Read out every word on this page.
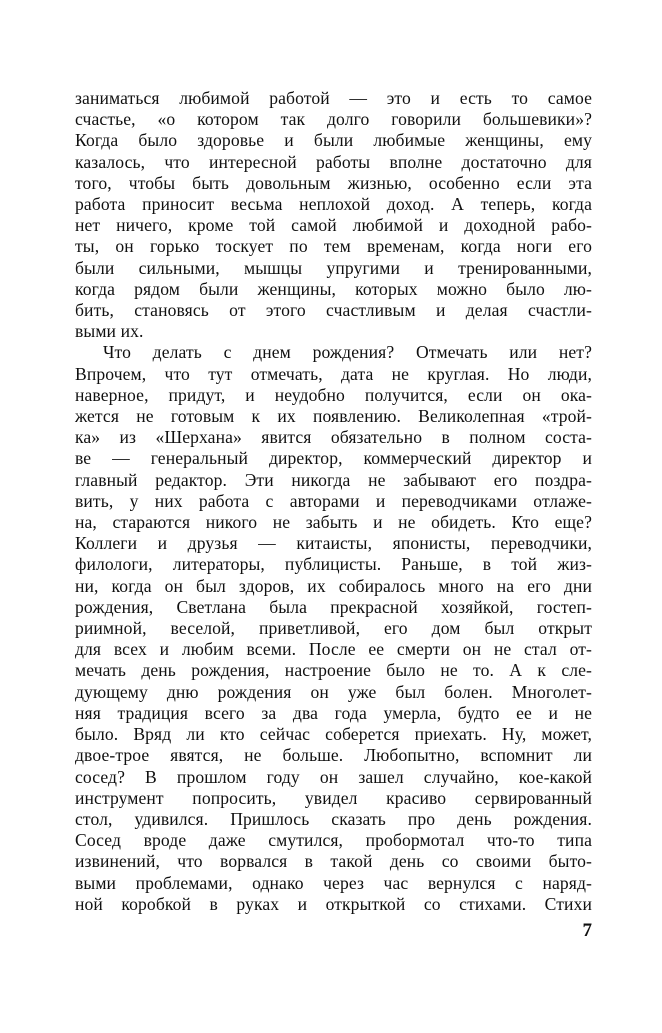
заниматься любимой работой — это и есть то самое
счастье, «о котором так долго говорили большевики»?
Когда было здоровье и были любимые женщины, ему
казалось, что интересной работы вполне достаточно для
того, чтобы быть довольным жизнью, особенно если эта
работа приносит весьма неплохой доход. А теперь, когда
нет ничего, кроме той самой любимой и доходной рабо-
ты, он горько тоскует по тем временам, когда ноги его
были сильными, мышцы упругими и тренированными,
когда рядом были женщины, которых можно было лю-
бить, становясь от этого счастливым и делая счастли-
выми их.
Что делать с днем рождения? Отмечать или нет?
Впрочем, что тут отмечать, дата не круглая. Но люди,
наверное, придут, и неудобно получится, если он ока-
жется не готовым к их появлению. Великолепная «трой-
ка» из «Шерхана» явится обязательно в полном соста-
ве — генеральный директор, коммерческий директор и
главный редактор. Эти никогда не забывают его поздра-
вить, у них работа с авторами и переводчиками отлаже-
на, стараются никого не забыть и не обидеть. Кто еще?
Коллеги и друзья — китаисты, японисты, переводчики,
филологи, литераторы, публицисты. Раньше, в той жиз-
ни, когда он был здоров, их собиралось много на его дни
рождения, Светлана была прекрасной хозяйкой, гостеп-
риимной, веселой, приветливой, его дом был открыт
для всех и любим всеми. После ее смерти он не стал от-
мечать день рождения, настроение было не то. А к сле-
дующему дню рождения он уже был болен. Многолет-
няя традиция всего за два года умерла, будто ее и не
было. Вряд ли кто сейчас соберется приехать. Ну, может,
двое-трое явятся, не больше. Любопытно, вспомнит ли
сосед? В прошлом году он зашел случайно, кое-какой
инструмент попросить, увидел красиво сервированный
стол, удивился. Пришлось сказать про день рождения.
Сосед вроде даже смутился, пробормотал что-то типа
извинений, что ворвался в такой день со своими быто-
выми проблемами, однако через час вернулся с наряд-
ной коробкой в руках и открыткой со стихами. Стихи
7
